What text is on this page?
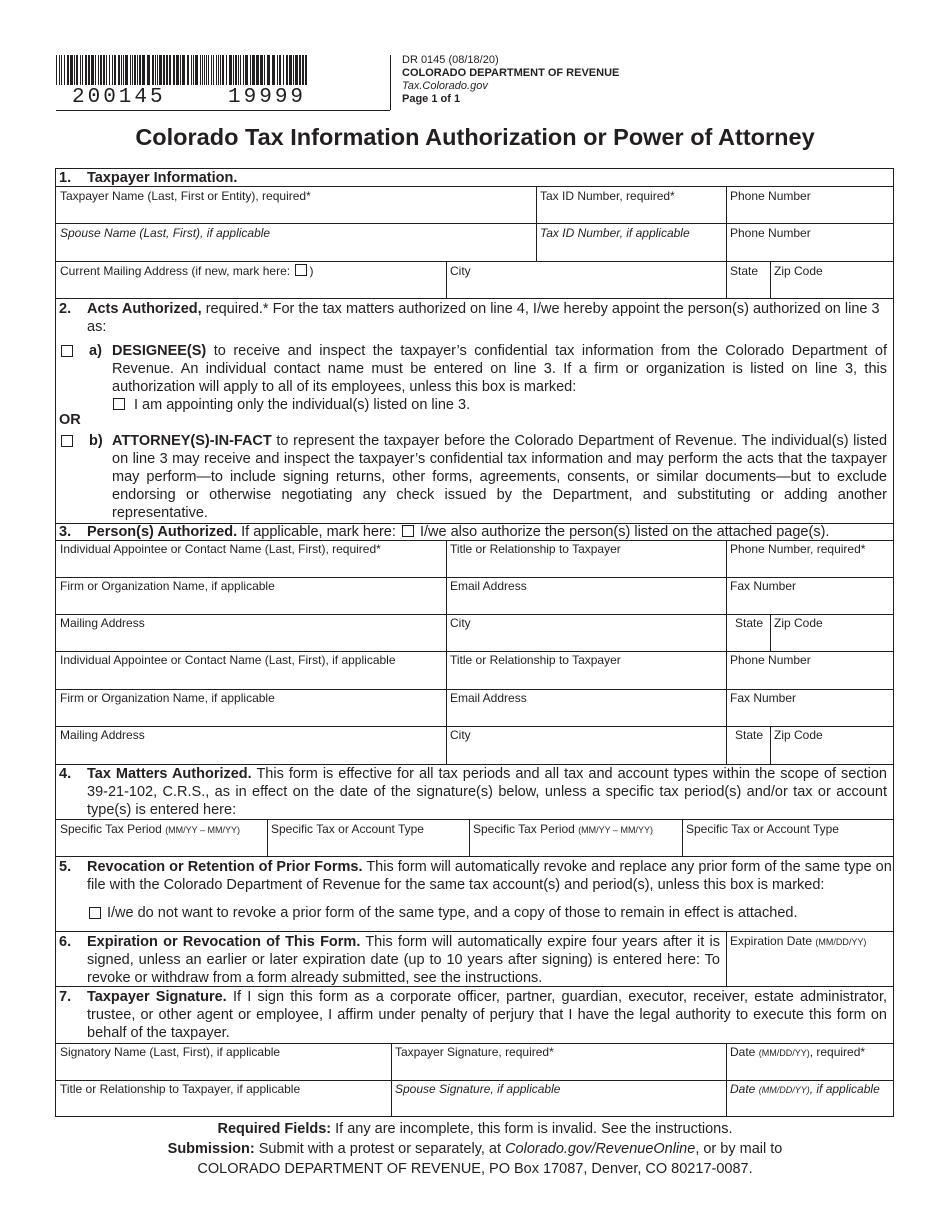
200145    19999
DR 0145 (08/18/20)
COLORADO DEPARTMENT OF REVENUE
Tax.Colorado.gov
Page 1 of 1
Colorado Tax Information Authorization or Power of Attorney
1. Taxpayer Information.
Taxpayer Name (Last, First or Entity), required*	Tax ID Number, required*	Phone Number
Spouse Name (Last, First), if applicable	Tax ID Number, if applicable	Phone Number
Current Mailing Address (if new, mark here: )	City	State Zip Code
2. Acts Authorized, required.* For the tax matters authorized on line 4, I/we hereby appoint the person(s) authorized on line 3 as:
a) DESIGNEE(S) to receive and inspect the taxpayer’s confidential tax information from the Colorado Department of Revenue. An individual contact name must be entered on line 3. If a firm or organization is listed on line 3, this authorization will apply to all of its employees, unless this box is marked:
I am appointing only the individual(s) listed on line 3.
OR
b) ATTORNEY(S)-IN-FACT to represent the taxpayer before the Colorado Department of Revenue. The individual(s) listed on line 3 may receive and inspect the taxpayer’s confidential tax information and may perform the acts that the taxpayer may perform—to include signing returns, other forms, agreements, consents, or similar documents—but to exclude endorsing or otherwise negotiating any check issued by the Department, and substituting or adding another representative.
3. Person(s) Authorized. If applicable, mark here: I/we also authorize the person(s) listed on the attached page(s).
Individual Appointee or Contact Name (Last, First), required*	Title or Relationship to Taxpayer	Phone Number, required*
Firm or Organization Name, if applicable	Email Address	Fax Number
Mailing Address	City	State Zip Code
Individual Appointee or Contact Name (Last, First), if applicable	Title or Relationship to Taxpayer	Phone Number
Firm or Organization Name, if applicable	Email Address	Fax Number
Mailing Address	City	State Zip Code
4. Tax Matters Authorized. This form is effective for all tax periods and all tax and account types within the scope of section 39-21-102, C.R.S., as in effect on the date of the signature(s) below, unless a specific tax period(s) and/or tax or account type(s) is entered here:
Specific Tax Period (MM/YY – MM/YY)	Specific Tax or Account Type	Specific Tax Period (MM/YY – MM/YY)	Specific Tax or Account Type
5. Revocation or Retention of Prior Forms. This form will automatically revoke and replace any prior form of the same type on file with the Colorado Department of Revenue for the same tax account(s) and period(s), unless this box is marked:
I/we do not want to revoke a prior form of the same type, and a copy of those to remain in effect is attached.
6. Expiration or Revocation of This Form. This form will automatically expire four years after it is signed, unless an earlier or later expiration date (up to 10 years after signing) is entered here: To revoke or withdraw from a form already submitted, see the instructions.
Expiration Date (MM/DD/YY)
7. Taxpayer Signature. If I sign this form as a corporate officer, partner, guardian, executor, receiver, estate administrator, trustee, or other agent or employee, I affirm under penalty of perjury that I have the legal authority to execute this form on behalf of the taxpayer.
Signatory Name (Last, First), if applicable	Taxpayer Signature, required*	Date (MM/DD/YY), required*
Title or Relationship to Taxpayer, if applicable	Spouse Signature, if applicable	Date (MM/DD/YY), if applicable
Required Fields: If any are incomplete, this form is invalid. See the instructions.
Submission: Submit with a protest or separately, at Colorado.gov/RevenueOnline, or by mail to
COLORADO DEPARTMENT OF REVENUE, PO Box 17087, Denver, CO 80217-0087.
